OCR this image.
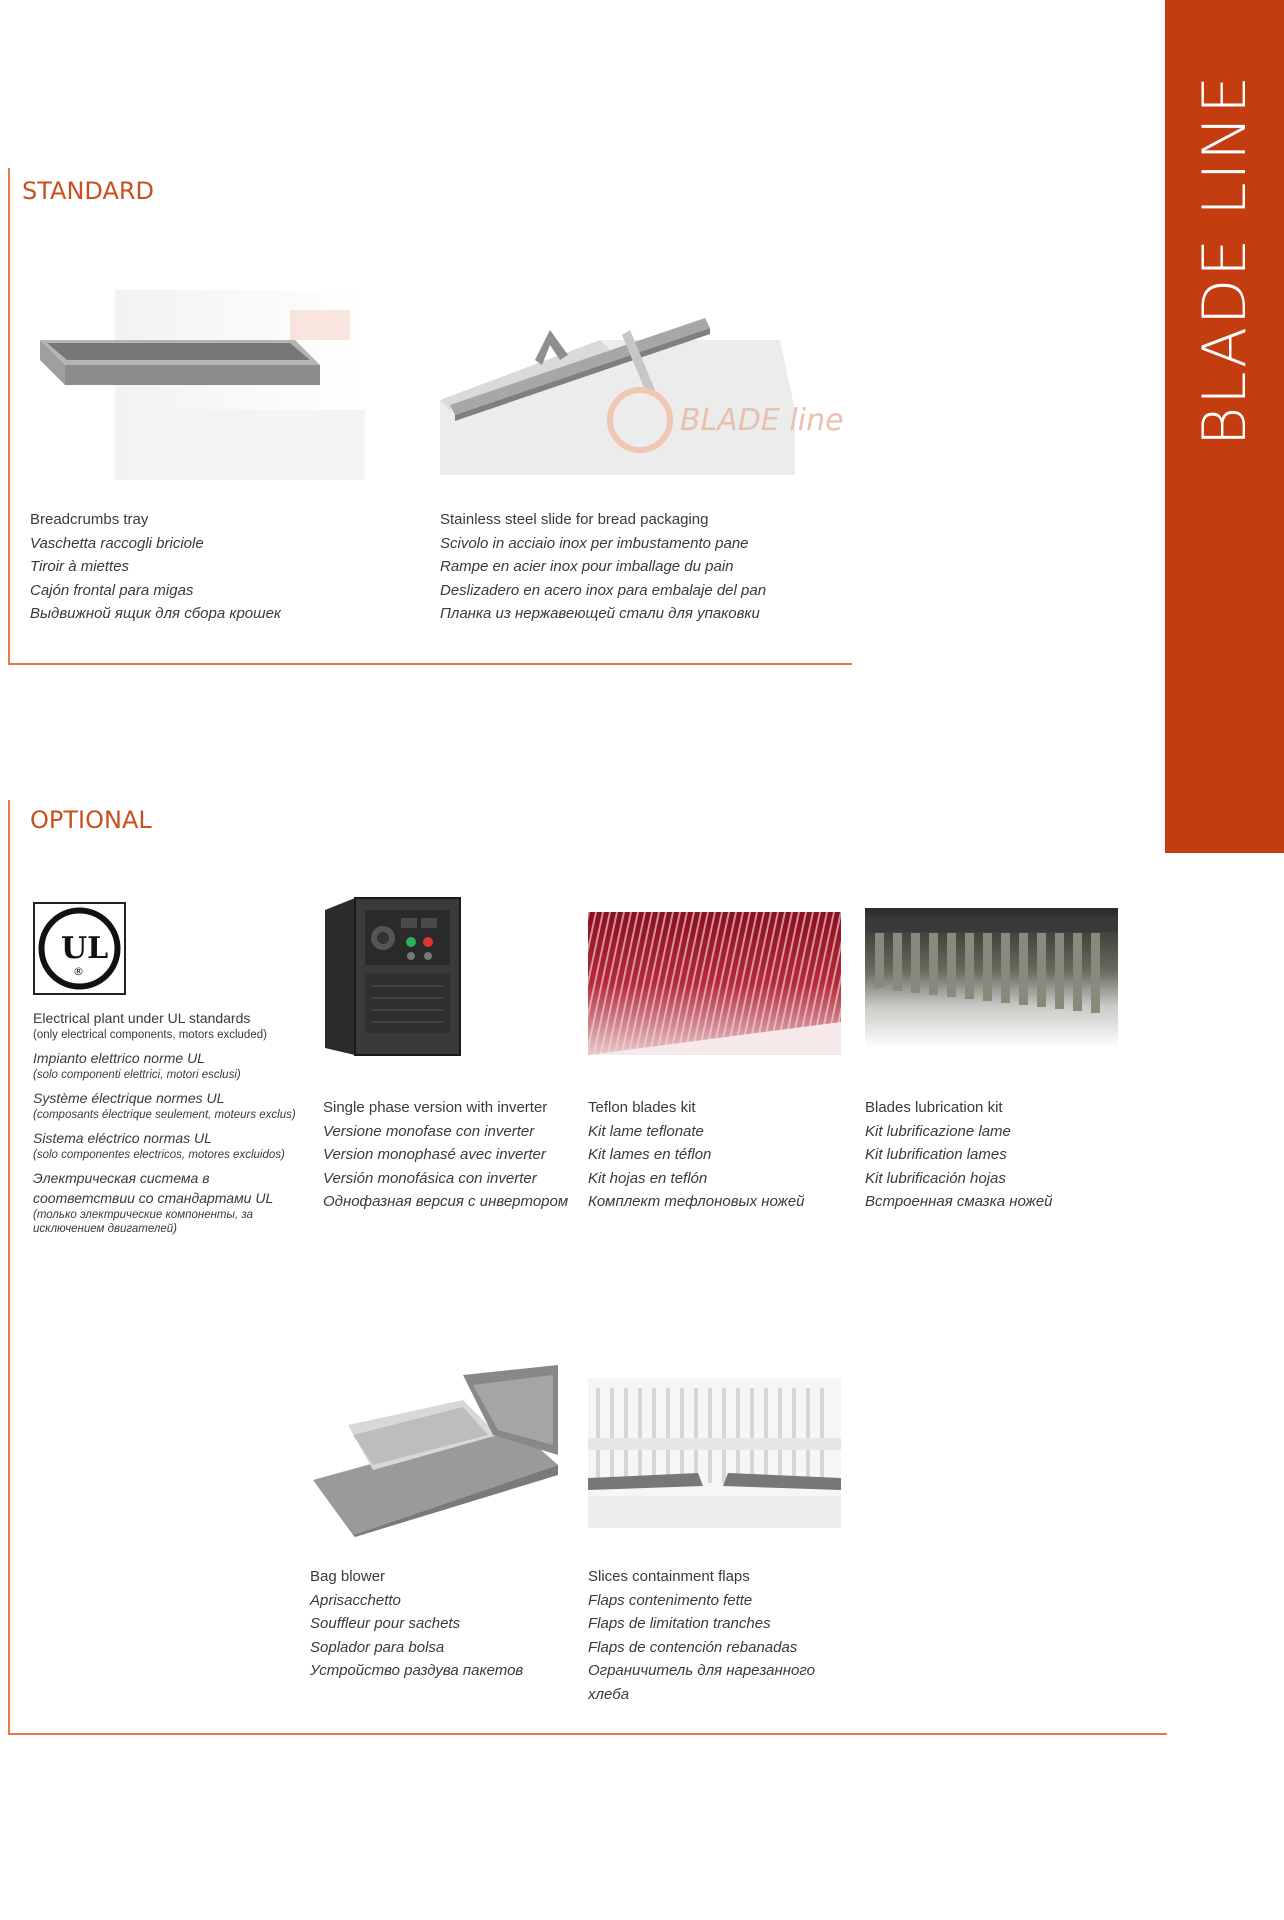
BLADE LINE
STANDARD
BLADE line
Breadcrumbs tray
Vaschetta raccogli briciole
Tiroir à miettes
Cajón frontal para migas
Выдвижной ящик для сбора крошек
Stainless steel slide for bread packaging
Scivolo in acciaio inox per imbustamento pane
Rampe en acier inox pour imballage du pain
Deslizadero en acero inox para embalaje del pan
Планка из нержавеющей стали для упаковки
OPTIONAL
UL
®
Electrical plant under UL standards
(only electrical components, motors excluded)
Impianto elettrico norme UL
(solo componenti elettrici, motori esclusi)
Système électrique normes UL
(composants électrique seulement, moteurs exclus)
Sistema eléctrico normas UL
(solo componentes electricos, motores excluidos)
Электрическая система в соответствии со стандартами UL
(только электрические компоненты, за исключением двигателей)
Single phase version with inverter
Versione monofase con inverter
Version monophasé avec inverter
Versión monofásica con inverter
Однофазная версия с инвертором
Teflon blades kit
Kit lame teflonate
Kit lames en téflon
Kit hojas en teflón
Комплект тефлоновых ножей
Blades lubrication kit
Kit lubrificazione lame
Kit lubrification lames
Kit lubrificación hojas
Встроенная смазка ножей
Bag blower
Aprisacchetto
Souffleur pour sachets
Soplador para bolsa
Устройство раздува пакетов
Slices containment flaps
Flaps contenimento fette
Flaps de limitation tranches
Flaps de contención rebanadas
Ограничитель для нарезанного хлеба
